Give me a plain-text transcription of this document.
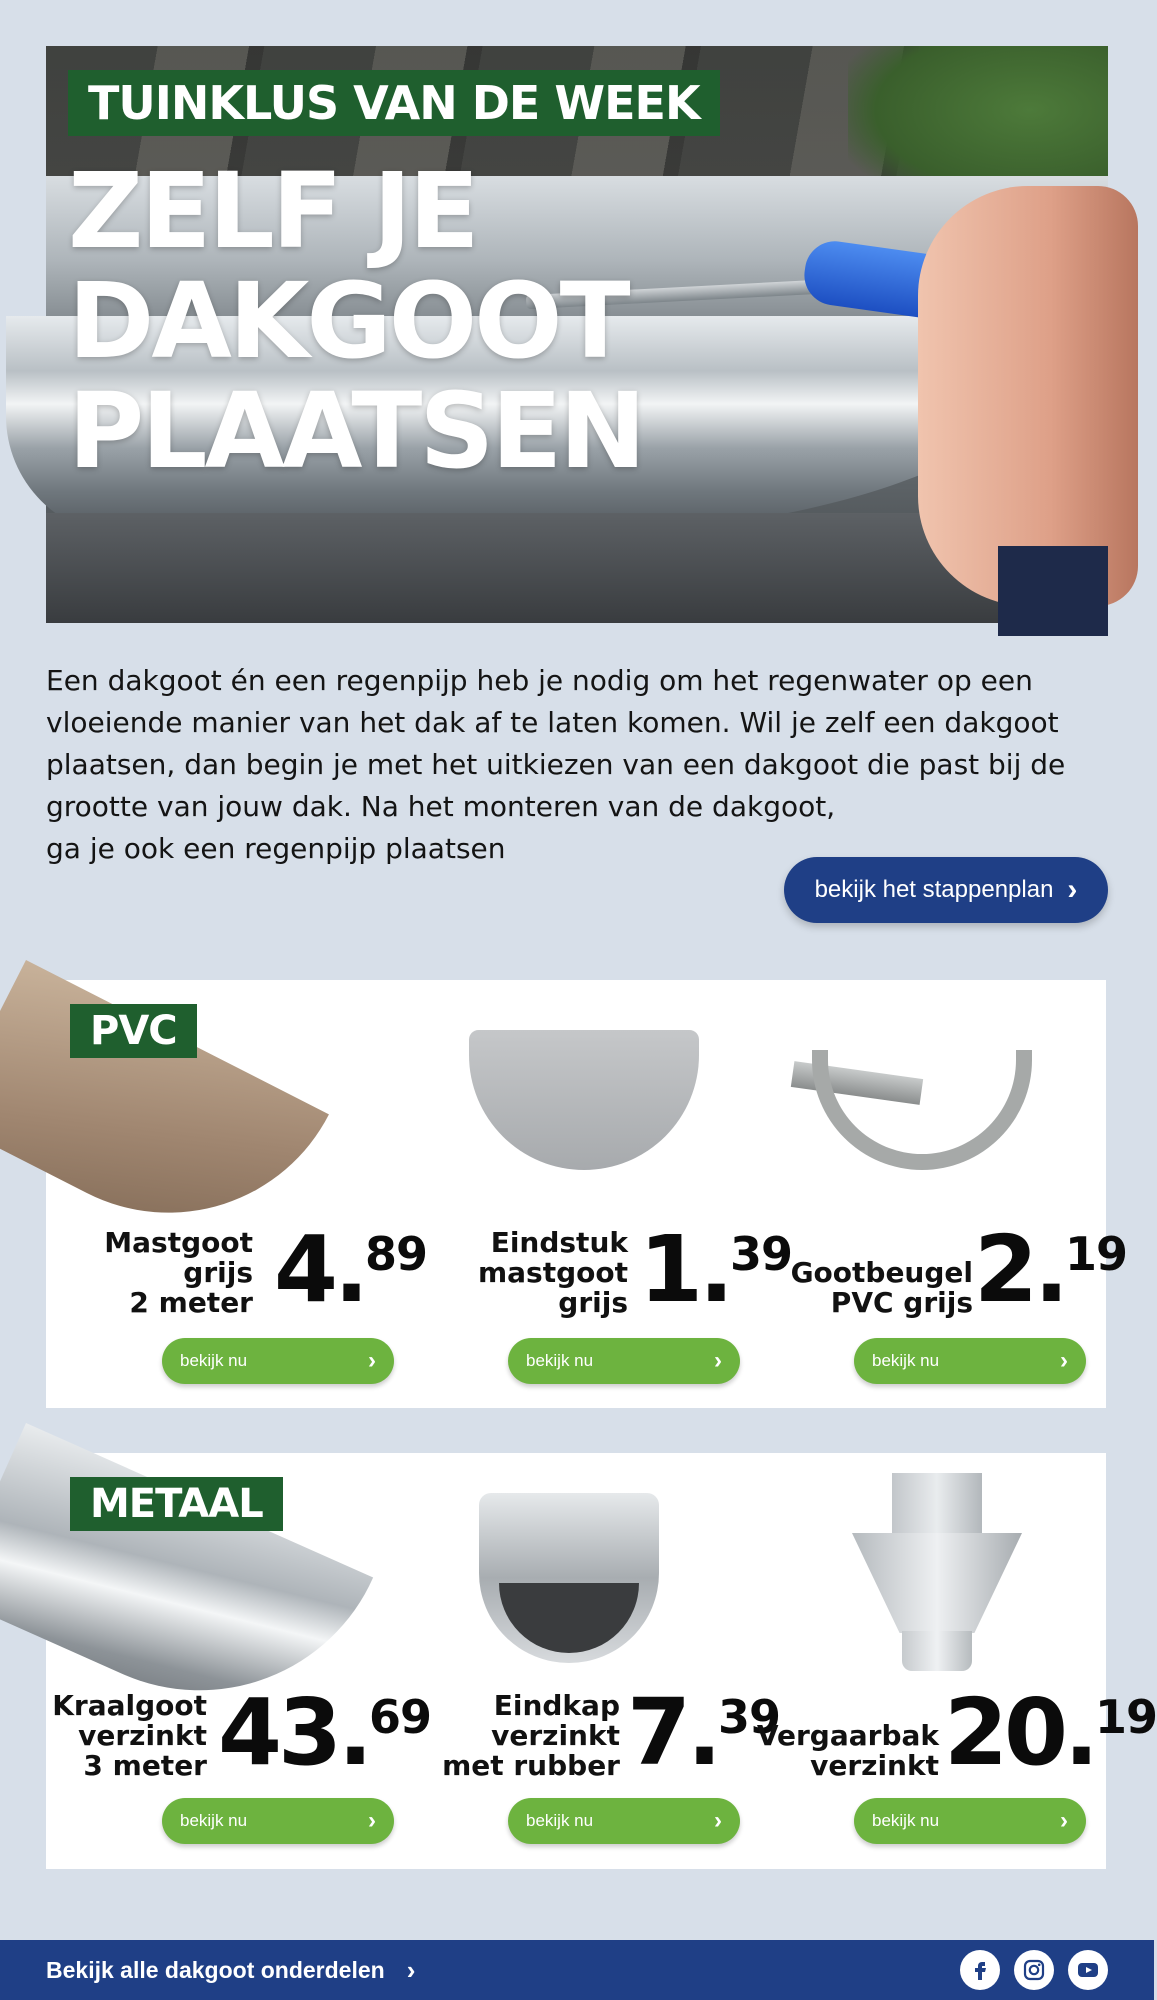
TUINKLUS VAN DE WEEK
ZELF JE
DAKGOOT
PLAATSEN

Een dakgoot én een regenpijp heb je nodig om het regenwater op een

vloeiende manier van het dak af te laten komen. Wil je zelf een dakgoot

plaatsen, dan begin je met het uitkiezen van een dakgoot die past bij de

grootte van jouw dak. Na het monteren van de dakgoot,

ga je ook een regenpijp plaatsen

bekijk het stappenplan ›
PVC
Mastgoot
grijs
2 meter 4.89
bekijk nu	›
Eindstuk
mastgoot
grijs 1.39
bekijk nu	›
Gootbeugel
PVC grijs 2.19
bekijk nu	›
METAAL
Kraalgoot
verzinkt
3 meter 43.69
bekijk nu	›
Eindkap
verzinkt
met rubber 7.39
bekijk nu	›
Vergaarbak
verzinkt 20.19
bekijk nu	›
Bekijk alle dakgoot onderdelen ›
